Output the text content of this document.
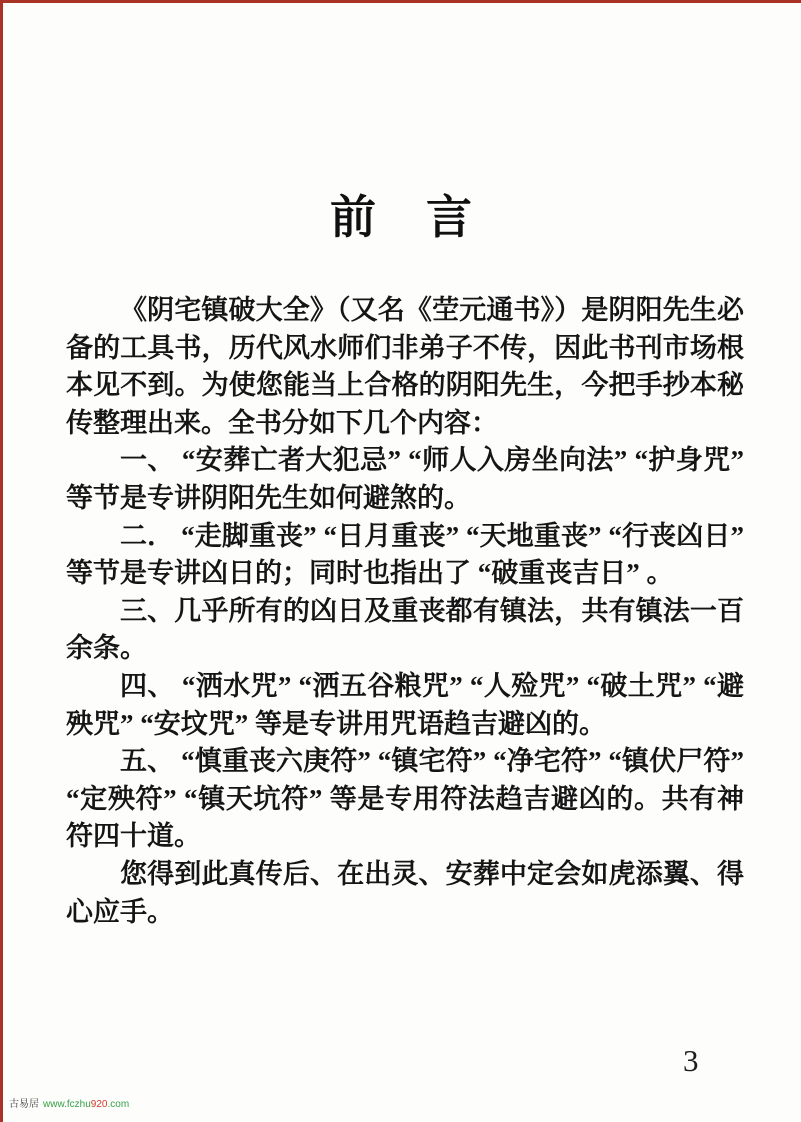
前　言

《阴宅镇破大全》（又名《茔元通书》）是阴阳先生必备的工具书，历代风水师们非弟子不传，因此书刊市场根本见不到。为使您能当上合格的阴阳先生，今把手抄本秘传整理出来。全书分如下几个内容：

一、 “安葬亡者大犯忌” “师人入房坐向法” “护身咒” 等节是专讲阴阳先生如何避煞的。

二． “走脚重丧” “日月重丧” “天地重丧” “行丧凶日” 等节是专讲凶日的；同时也指出了 “破重丧吉日” 。

三、几乎所有的凶日及重丧都有镇法，共有镇法一百余条。

四、 “洒水咒” “洒五谷粮咒” “人殓咒” “破土咒” “避殃咒” “安坟咒” 等是专讲用咒语趋吉避凶的。

五、 “慎重丧六庚符” “镇宅符” “净宅符” “镇伏尸符” “定殃符” “镇天坑符” 等是专用符法趋吉避凶的。共有神符四十道。

您得到此真传后、在出灵、安葬中定会如虎添翼、得心应手。

3
古易居 www.fczhu920.com
